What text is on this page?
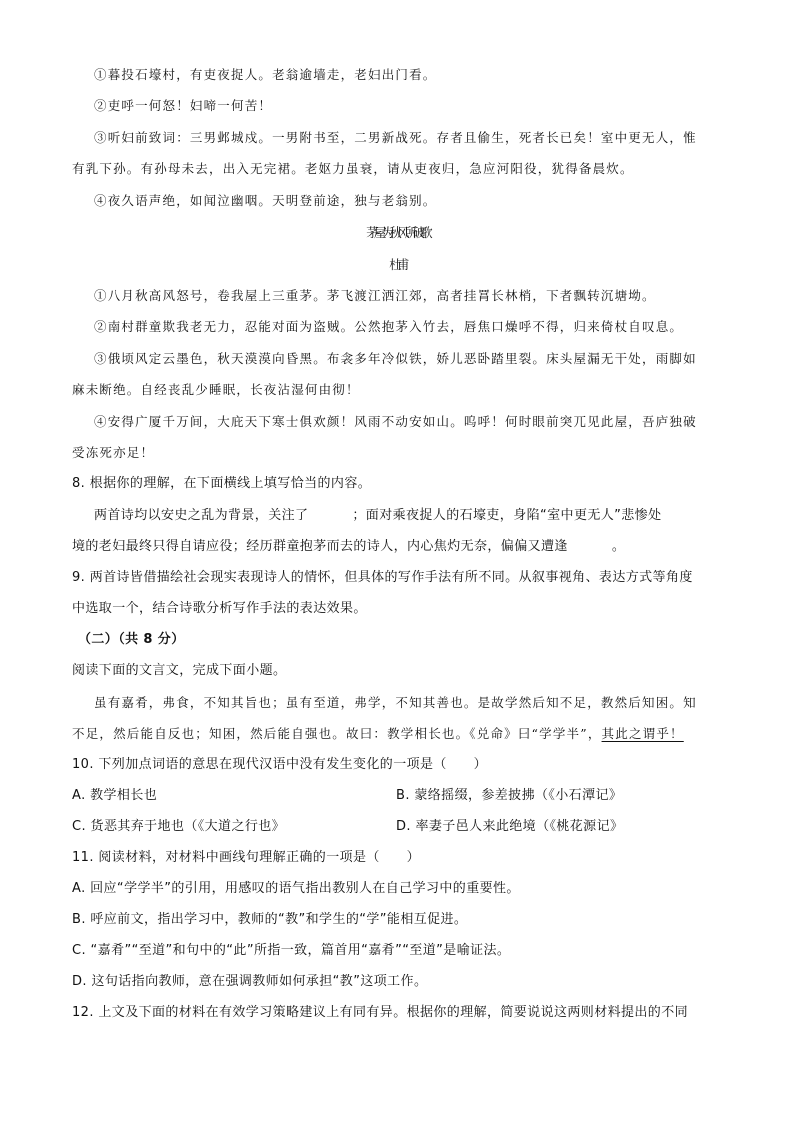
①暮投石壕村，有吏夜捉人。老翁逾墙走，老妇出门看。
②吏呼一何怒！妇啼一何苦！
③听妇前致词：三男邺城戍。一男附书至，二男新战死。存者且偷生，死者长已矣！室中更无人，惟
有乳下孙。有孙母未去，出入无完裙。老妪力虽衰，请从吏夜归，急应河阳役，犹得备晨炊。
④夜久语声绝，如闻泣幽咽。天明登前途，独与老翁别。
茅屋为秋风所破歌
杜甫
①八月秋高风怒号，卷我屋上三重茅。茅飞渡江洒江郊，高者挂罥长林梢，下者飘转沉塘坳。
②南村群童欺我老无力，忍能对面为盗贼。公然抱茅入竹去，唇焦口燥呼不得，归来倚杖自叹息。
③俄顷风定云墨色，秋天漠漠向昏黑。布衾多年冷似铁，娇儿恶卧踏里裂。床头屋漏无干处，雨脚如
麻未断绝。自经丧乱少睡眠，长夜沾湿何由彻！
④安得广厦千万间，大庇天下寒士俱欢颜！风雨不动安如山。呜呼！何时眼前突兀见此屋，吾庐独破
受冻死亦足！
8. 根据你的理解，在下面横线上填写恰当的内容。
两首诗均以安史之乱为背景，关注了	；面对乘夜捉人的石壕吏，身陷“室中更无人”悲惨处
境的老妇最终只得自请应役；经历群童抱茅而去的诗人，内心焦灼无奈，偏偏又遭逢	。
9. 两首诗皆借描绘社会现实表现诗人的情怀，但具体的写作手法有所不同。从叙事视角、表达方式等角度
中选取一个，结合诗歌分析写作手法的表达效果。
（二）（共 8 分）
阅读下面的文言文，完成下面小题。
虽有嘉肴，弗食，不知其旨也；虽有至道，弗学，不知其善也。是故学然后知不足，教然后知困。知
不足，然后能自反也；知困，然后能自强也。故曰：教学相长也。《兑命》曰“学学半”，其此之谓乎！
10. 下列加点词语的意思在现代汉语中没有发生变化的一项是（　　）
A. 教学相长也	B. 蒙络摇缀，参差披拂（《小石潭记》
C. 货恶其弃于地也（《大道之行也》	D. 率妻子邑人来此绝境（《桃花源记》
11. 阅读材料，对材料中画线句理解正确的一项是（　　）
A. 回应“学学半”的引用，用感叹的语气指出教别人在自己学习中的重要性。
B. 呼应前文，指出学习中，教师的“教”和学生的“学”能相互促进。
C. “嘉肴”“至道”和句中的“此”所指一致，篇首用“嘉肴”“至道”是喻证法。
D. 这句话指向教师，意在强调教师如何承担“教”这项工作。
12. 上文及下面的材料在有效学习策略建议上有同有异。根据你的理解，简要说说这两则材料提出的不同
